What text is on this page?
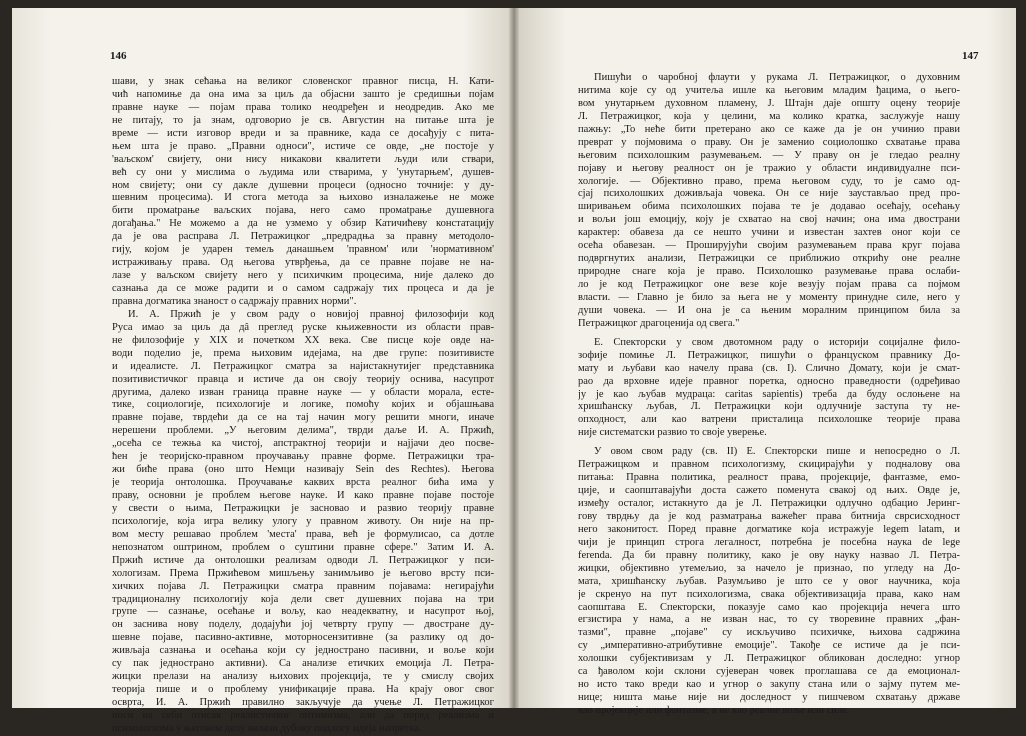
146
шави, у знак сећања на великог словенског правног писца, Н. Кати-
чић напомиње да она има за циљ да објасни зашто је средишњи појам
правне науке — појам права толико неодређен и неодредив. Ако ме
не питају, то ја знам, одговорио је св. Августин на питање шта је
време — исти изговор вреди и за правнике, када се досађују с пита-
њем шта је право. „Правни односи", истиче се овде, „не постоје у
'ваљском' свијету, они нису никакови квалитети људи или ствари,
већ су они у мислима о људима или стварима, у 'унутарњем', душев-
ном свијету; они су дакле душевни процеси (односно точније: у ду-
шевним процесима). И стога метода за њихово изналажење не може
бити промatрање ваљских појава, него само промatрање душевнога
догађања." Не можемо а да не узмемо у обзир Катичићеву констатацију
да је ова расправа Л. Петражицког „предрадња за правну методоло-
гију, којом је ударен темељ данашњем 'правном' или 'нормативном'
истраживању права. Од његова утврђења, да се правне појаве не на-
лазе у ваљском свијету него у психичким процесима, није далеко до
сазнања да се може радити и о самом садржају тих процеса и да је
правна догматика знаност о садржају правних норми".
И. А. Пржић је у свом раду о новијој правној филозофији код
Руса имао за циљ да дâ преглед руске књижевности из области прав-
не филозофије у XIX и почетком XX века. Све писце које овде на-
води поделио је, према њиховим идејама, на две групе: позитивисте
и идеалисте. Л. Петражицког сматра за најистакнутијег представника
позитивистичког правца и истиче да он своју теорију оснива, насупрот
другима, далеко изван граница правне науке — у области морала, есте-
тике, социологије, психологије и логике, помоћу којих и објашњава
правне појаве, тврдећи да се на тај начин могу решити многи, иначе
нерешени проблеми. „У његовим делима", тврди даље И. А. Пржић,
„осећа се тежња ка чистој, апстрактној теорији и најјачи део посве-
ћен је теоријско-правном проучавању правне форме. Петражицки тра-
жи биће права (оно што Немци називају Sein des Rechtes). Његова
је теорија онтолошка. Проучавање каквих врста реалног бића има у
праву, основни је проблем његове науке. И како правне појаве постоје
у свести о њима, Петражицки је засновао и развио теорију правне
психологије, која игра велику улогу у правном животу. Он није на пр-
вом месту решавао проблем 'места' права, већ је формулисао, са дотле
непознатом оштрином, проблем о суштини правне сфере." Затим И. А.
Пржић истиче да онтолошки реализам одводи Л. Петражицког у пси-
хологизам. Према Пржићевом мишљењу занимљиво је његово врсту пси-
хичких појава Л. Петражицки сматра правним појавама: негирајући
традиционалну психологију која дели свет душевних појава на три
групе — сазнање, осећање и вољу, као неадекватну, и насупрот њој,
он заснива нову поделу, додајући јој четврту групу — двостране ду-
шевне појаве, пасивно-активне, моторносензитивне (за разлику од до-
живљаја сазнања и осећања који су једнострано пасивни, и воље који
су пак једнострано активни). Са анализе етичких емоција Л. Петра-
жицки прелази на анализу њихових пројекција, те у смислу својих
теорија пише и о проблему унификације права. На крају овог свог
осврта, И. А. Пржић правилно закључује да учење Л. Петражицког
носи на себи отисак реалистичког оптимизма, али да поред реализма и
психологизма у његовом делу налази дубоку подлогу идеја напретка.
147
Пишући о чаробној флаути у рукама Л. Петражицког, о духовним
нитима које су од учитеља ишле ка његовим младим ђацима, о њего-
вом унутарњем духовном пламену, Ј. Штајн даје општу оцену теорије
Л. Петражицког, која у целини, ма колико кратка, заслужује нашу
пажњу: „То неће бити претерано ако се каже да је он учинио прави
преврат у појмовима о праву. Он је заменио социолошко схватање права
његовим психолошким разумевањем. — У праву он је гледао реалну
појаву и његову реалност он је тражио у области индивидуалне пси-
хологије. — Објективно право, према његовом суду, то је само од-
сјај психолошких доживљаја човека. Он се није заустављао пред про-
ширивањем обима психолошких појава те је додавао осећају, осећању
и вољи још емоцију, коју је схватао на свој начин; она има двострани
карактер: обавеза да се нешто учини и известан захтев оног који се
осећа обавезан. — Проширујући својим разумевањем права круг појава
подвргнутих анализи, Петражицки се приближио открићу оне реалне
природне снаге која је право. Психолошко разумевање права ослаби-
ло је код Петражицког оне везе које везују појам права са појмом
власти. — Главно је било за њега не у моменту принудне силе, него у
души човека. — И она је са њеним моралним принципом била за
Петражицког драгоцениja од свега."
Е. Спекторски у свом двотомном раду о историји социјалне фило-
зофије помиње Л. Петражицког, пишући о француском правнику До-
мату и љубави као начелу права (св. I). Слично Домату, који је смат-
рао да врховне идеје правног поретка, односно праведности (одређивао
ју је као љубав мудраца: caritas sapientis) треба да буду ослоњене на
хришћанску љубав, Л. Петражицки који одлучније заступа ту не-
опходност, али као ватрени присталица психолошке теорије права
није систематски развио то своје уверење.
У овом свом раду (св. II) Е. Спекторски пише и непосредно о Л.
Петражицком и правном психологизму, скицирајући у подналову ова
питања: Правна политика, реалност права, пројекције, фантазме, емо-
ције, и саопштавајући доста сажето поменута свакој од њих. Овде је,
између осталог, истакнуто да је Л. Петражицки одлучно одбацио Јеринг-
гову тврдњу да је код разматрања важећег права битнија сврсисходност
него законитост. Поред правне догматике која истражује legem latam, и
чији је принцип строга легалност, потребна је посебна наука de lege
ferenda. Да би правну политику, како је ову науку назвао Л. Петра-
жицки, објективно утемељио, за начело је признао, по угледу на До-
мата, хришћанску љубав. Разумљиво је што се у овог научника, која
је скренуо на пут психологизма, свака објективизација права, како нам
саопштава Е. Спекторски, показује само као пројекција нечега што
егзистира у нама, а не изван нас, то су творевине правних „фан-
тазми", правне „појаве" су искључиво психичке, њихова садржина
су „императивно-атрибутивне емоције". Такође се истиче да је пси-
холошки субјективизам у Л. Петражицког обликован доследно: угнор
са ђаволом који склони сујеверан човек проглашава се да емоционал-
но исто тако вреди као и угнор о закупу стана или о зајму путем ме-
нице; ништа мање није ни доследност у пишчевом схватању државе
као пројекције или фантазме, а не као реалне воље или силе.
